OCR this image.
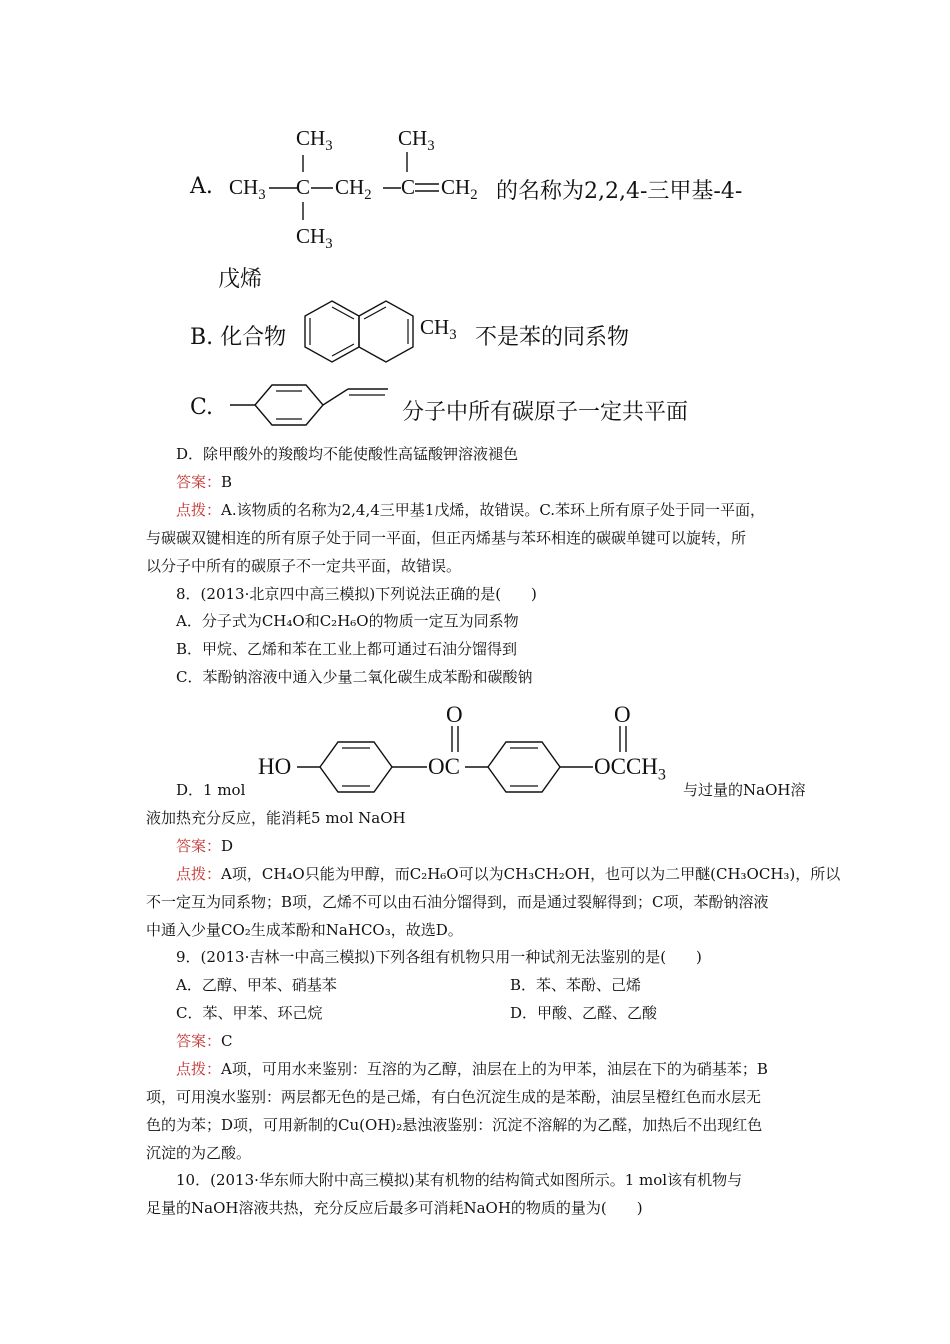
A.
$CH_3$	$CH_3$
$CH_3$ C $CH_2$ C $CH_2$
$CH_3$
的名称为2,2,4-三甲基-4-
戊烯
B. 化合物	$CH_3$ 不是苯的同系物
C.	分子中所有碳原子一定共平面
D．除甲酸外的羧酸均不能使酸性高锰酸钾溶液褪色
答案：B
点拨：A.该物质的名称为2,4,4三甲基1戊烯，故错误。C.苯环上所有原子处于同一平面，
与碳碳双键相连的所有原子处于同一平面，但正丙烯基与苯环相连的碳碳单键可以旋转，所
以分子中所有的碳原子不一定共平面，故错误。
8．(2013·北京四中高三模拟)下列说法正确的是(　　)
A．分子式为CH₄O和C₂H₆O的物质一定互为同系物
B．甲烷、乙烯和苯在工业上都可通过石油分馏得到
C．苯酚钠溶液中通入少量二氧化碳生成苯酚和碳酸钠
D．1 mol
HO
O
OC
O
$OCCH_3$
与过量的NaOH溶
液加热充分反应，能消耗5 mol NaOH
答案：D
点拨：A项，CH₄O只能为甲醇，而C₂H₆O可以为CH₃CH₂OH，也可以为二甲醚(CH₃OCH₃)，所以
不一定互为同系物；B项，乙烯不可以由石油分馏得到，而是通过裂解得到；C项，苯酚钠溶液
中通入少量CO₂生成苯酚和NaHCO₃，故选D。
9．(2013·吉林一中高三模拟)下列各组有机物只用一种试剂无法鉴别的是(　　)
A．乙醇、甲苯、硝基苯	B．苯、苯酚、己烯
C．苯、甲苯、环己烷	D．甲酸、乙醛、乙酸
答案：C
点拨：A项，可用水来鉴别：互溶的为乙醇，油层在上的为甲苯，油层在下的为硝基苯；B
项，可用溴水鉴别：两层都无色的是己烯，有白色沉淀生成的是苯酚，油层呈橙红色而水层无
色的为苯；D项，可用新制的Cu(OH)₂悬浊液鉴别：沉淀不溶解的为乙醛，加热后不出现红色
沉淀的为乙酸。
10．(2013·华东师大附中高三模拟)某有机物的结构简式如图所示。1 mol该有机物与
足量的NaOH溶液共热，充分反应后最多可消耗NaOH的物质的量为(　　)
